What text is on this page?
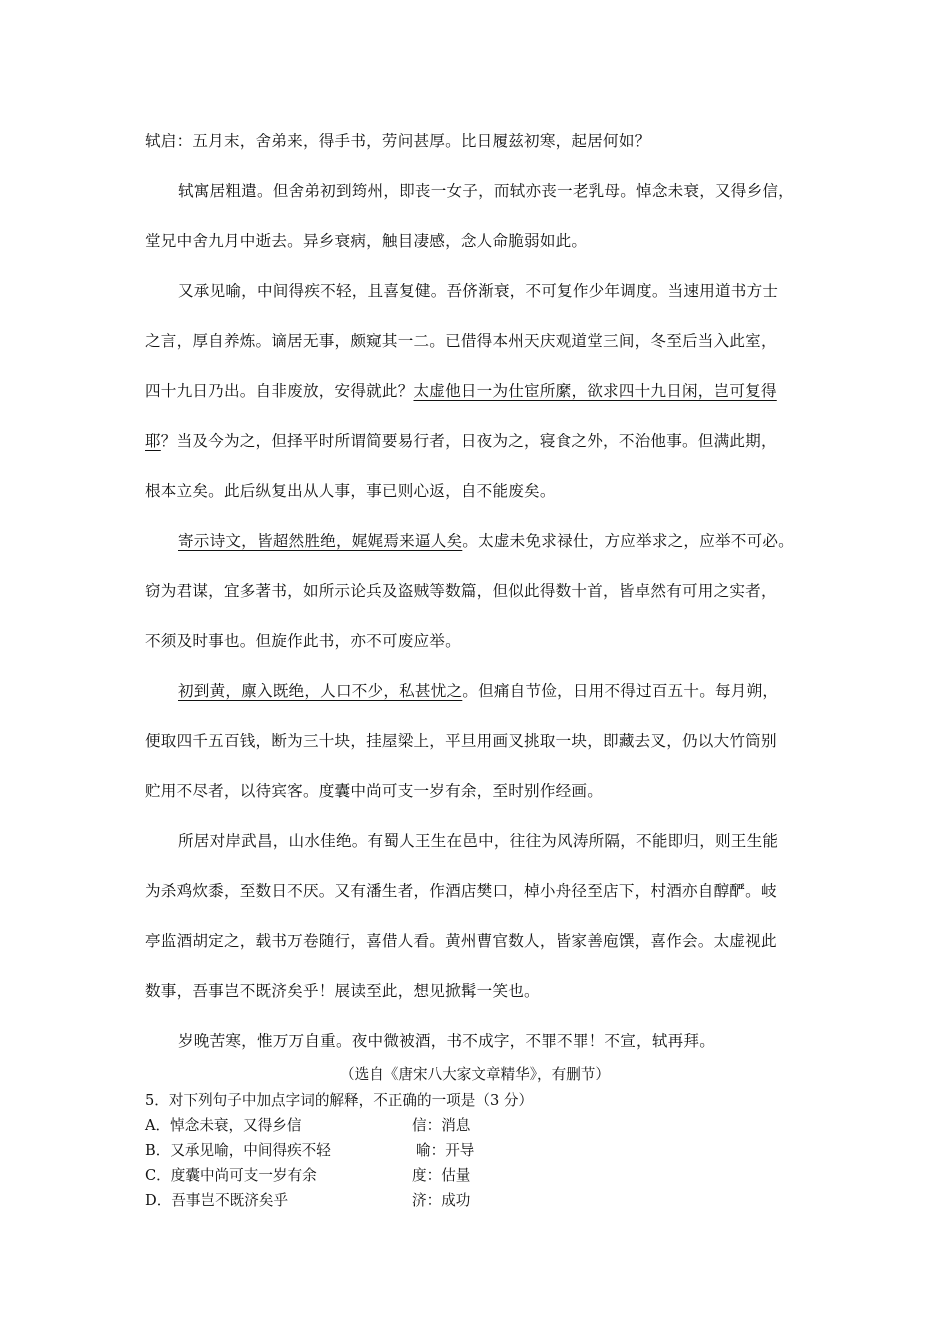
轼启：五月末，舍弟来，得手书，劳问甚厚。比日履兹初寒，起居何如？
轼寓居粗遣。但舍弟初到筠州，即丧一女子，而轼亦丧一老乳母。悼念未衰，又得乡信，
堂兄中舍九月中逝去。异乡衰病，触目凄感，念人命脆弱如此。
又承见喻，中间得疾不轻，且喜复健。吾侪渐衰，不可复作少年调度。当速用道书方士
之言，厚自养炼。谪居无事，颇窥其一二。已借得本州天庆观道堂三间，冬至后当入此室，
四十九日乃出。自非废放，安得就此？太虚他日一为仕宦所縻，欲求四十九日闲，岂可复得
耶？当及今为之，但择平时所谓简要易行者，日夜为之，寝食之外，不治他事。但满此期，
根本立矣。此后纵复出从人事，事已则心返，自不能废矣。
寄示诗文，皆超然胜绝，娓娓焉来逼人矣。太虚未免求禄仕，方应举求之，应举不可必。
窃为君谋，宜多著书，如所示论兵及盗贼等数篇，但似此得数十首，皆卓然有可用之实者，
不须及时事也。但旋作此书，亦不可废应举。
初到黄，廪入既绝，人口不少，私甚忧之。但痛自节俭，日用不得过百五十。每月朔，
便取四千五百钱，断为三十块，挂屋梁上，平旦用画叉挑取一块，即藏去叉，仍以大竹筒别
贮用不尽者，以待宾客。度囊中尚可支一岁有余，至时别作经画。
所居对岸武昌，山水佳绝。有蜀人王生在邑中，往往为风涛所隔，不能即归，则王生能
为杀鸡炊黍，至数日不厌。又有潘生者，作酒店樊口，棹小舟径至店下，村酒亦自醇酽。岐
亭监酒胡定之，载书万卷随行，喜借人看。黄州曹官数人，皆家善庖馔，喜作会。太虚视此
数事，吾事岂不既济矣乎！展读至此，想见掀髯一笑也。
岁晚苦寒，惟万万自重。夜中微被酒，书不成字，不罪不罪！不宣，轼再拜。
（选自《唐宋八大家文章精华》，有删节）
5．对下列句子中加点字词的解释，不正确的一项是（3 分）
A．悼念未衰，又得乡信	信：消息
B．又承见喻，中间得疾不轻	喻：开导
C．度囊中尚可支一岁有余	度：估量
D．吾事岂不既济矣乎	济：成功
